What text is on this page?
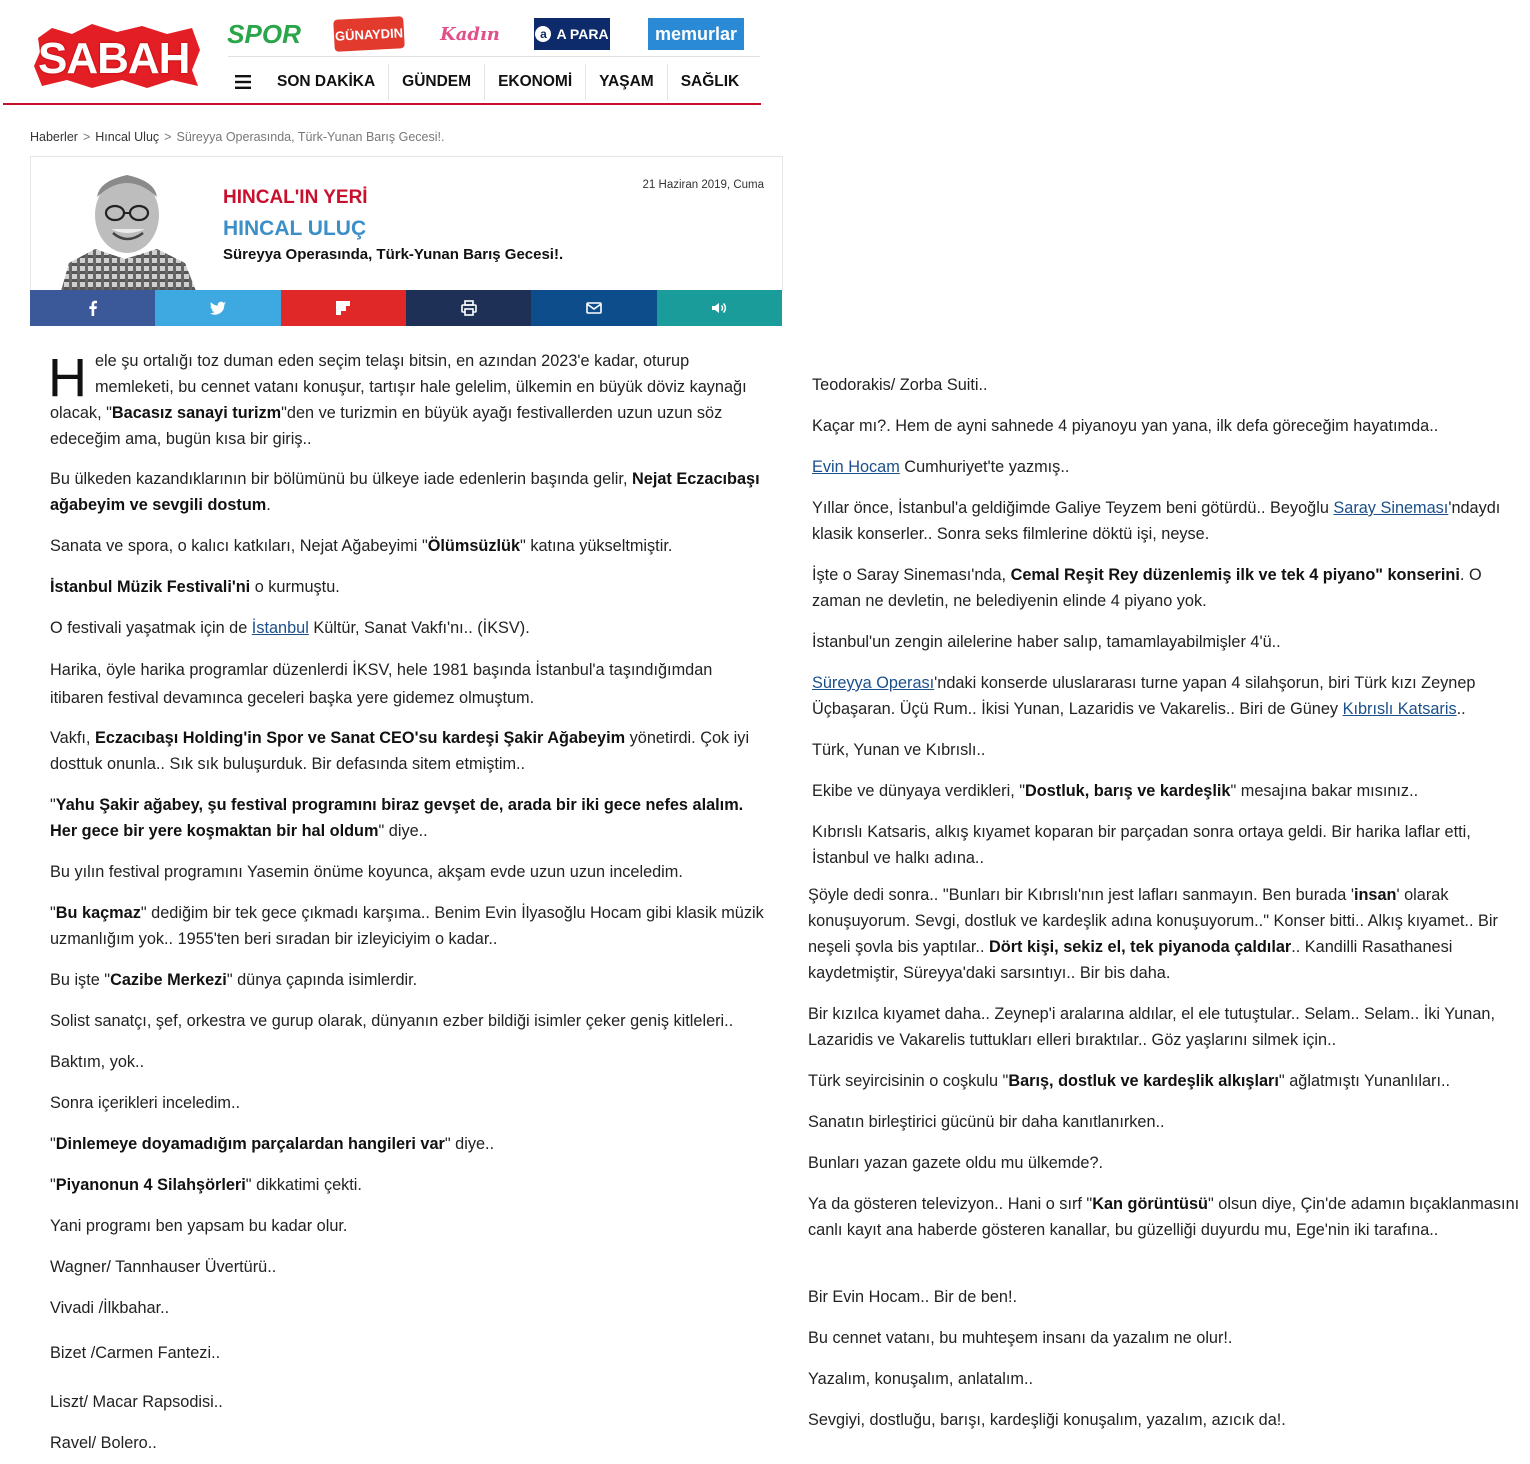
SABAH
SPOR	GÜNAYDIN Kadın	a A PARA	memurlar
SON DAKİKA	GÜNDEM	EKONOMİ	YAŞAM	SAĞLIK
Haberler > Hıncal Uluç > Süreyya Operasında, Türk-Yunan Barış Gecesi!.
HINCAL'IN YERİ
HINCAL ULUÇ
Süreyya Operasında, Türk-Yunan Barış Gecesi!.
21 Haziran 2019, Cuma

Hele şu ortalığı toz duman eden seçim telaşı bitsin, en azından 2023'e kadar, oturup memleketi, bu cennet vatanı konuşur, tartışır hale gelelim, ülkemin en büyük döviz kaynağı olacak, "Bacasız sanayi turizm"den ve turizmin en büyük ayağı festivallerden uzun uzun söz edeceğim ama, bugün kısa bir giriş..

Bu ülkeden kazandıklarının bir bölümünü bu ülkeye iade edenlerin başında gelir, Nejat Eczacıbaşı ağabeyim ve sevgili dostum.

Sanata ve spora, o kalıcı katkıları, Nejat Ağabeyimi "Ölümsüzlük" katına yükseltmiştir.

İstanbul Müzik Festivali'ni o kurmuştu.

O festivali yaşatmak için de İstanbul Kültür, Sanat Vakfı'nı.. (İKSV).

Harika, öyle harika programlar düzenlerdi İKSV, hele 1981 başında İstanbul'a taşındığımdan itibaren festival devamınca geceleri başka yere gidemez olmuştum.

Vakfı, Eczacıbaşı Holding'in Spor ve Sanat CEO'su kardeşi Şakir Ağabeyim yönetirdi. Çok iyi dosttuk onunla.. Sık sık buluşurduk. Bir defasında sitem etmiştim..

"Yahu Şakir ağabey, şu festival programını biraz gevşet de, arada bir iki gece nefes alalım. Her gece bir yere koşmaktan bir hal oldum" diye..

Bu yılın festival programını Yasemin önüme koyunca, akşam evde uzun uzun inceledim.

"Bu kaçmaz" dediğim bir tek gece çıkmadı karşıma.. Benim Evin İlyasoğlu Hocam gibi klasik müzik uzmanlığım yok.. 1955'ten beri sıradan bir izleyiciyim o kadar..

Bu işte "Cazibe Merkezi" dünya çapında isimlerdir.

Solist sanatçı, şef, orkestra ve gurup olarak, dünyanın ezber bildiği isimler çeker geniş kitleleri..

Baktım, yok..

Sonra içerikleri inceledim..

"Dinlemeye doyamadığım parçalardan hangileri var" diye..

"Piyanonun 4 Silahşörleri" dikkatimi çekti.

Yani programı ben yapsam bu kadar olur.

Wagner/ Tannhauser Üvertürü..

Vivadi /İlkbahar..

Bizet /Carmen Fantezi..

Liszt/ Macar Rapsodisi..

Ravel/ Bolero..

Teodorakis/ Zorba Suiti..

Kaçar mı?. Hem de ayni sahnede 4 piyanoyu yan yana, ilk defa göreceğim hayatımda..

Evin Hocam Cumhuriyet'te yazmış..

Yıllar önce, İstanbul'a geldiğimde Galiye Teyzem beni götürdü.. Beyoğlu Saray Sineması'ndaydı klasik konserler.. Sonra seks filmlerine döktü işi, neyse.

İşte o Saray Sineması'nda, Cemal Reşit Rey düzenlemiş ilk ve tek 4 piyano" konserini. O zaman ne devletin, ne belediyenin elinde 4 piyano yok.

İstanbul'un zengin ailelerine haber salıp, tamamlayabilmişler 4'ü..

Süreyya Operası'ndaki konserde uluslararası turne yapan 4 silahşorun, biri Türk kızı Zeynep Üçbaşaran. Üçü Rum.. İkisi Yunan, Lazaridis ve Vakarelis.. Biri de Güney Kıbrıslı Katsaris..

Türk, Yunan ve Kıbrıslı..

Ekibe ve dünyaya verdikleri, "Dostluk, barış ve kardeşlik" mesajına bakar mısınız..

Kıbrıslı Katsaris, alkış kıyamet koparan bir parçadan sonra ortaya geldi. Bir harika laflar etti, İstanbul ve halkı adına..

Şöyle dedi sonra.. "Bunları bir Kıbrıslı'nın jest lafları sanmayın. Ben burada 'insan' olarak konuşuyorum. Sevgi, dostluk ve kardeşlik adına konuşuyorum.." Konser bitti.. Alkış kıyamet.. Bir neşeli şovla bis yaptılar.. Dört kişi, sekiz el, tek piyanoda çaldılar.. Kandilli Rasathanesi kaydetmiştir, Süreyya'daki sarsıntıyı.. Bir bis daha.

Bir kızılca kıyamet daha.. Zeynep'i aralarına aldılar, el ele tutuştular.. Selam.. Selam.. İki Yunan, Lazaridis ve Vakarelis tuttukları elleri bıraktılar.. Göz yaşlarını silmek için..

Türk seyircisinin o coşkulu "Barış, dostluk ve kardeşlik alkışları" ağlatmıştı Yunanlıları..

Sanatın birleştirici gücünü bir daha kanıtlanırken..

Bunları yazan gazete oldu mu ülkemde?.

Ya da gösteren televizyon.. Hani o sırf "Kan görüntüsü" olsun diye, Çin'de adamın bıçaklanmasını canlı kayıt ana haberde gösteren kanallar, bu güzelliği duyurdu mu, Ege'nin iki tarafına..

Bir Evin Hocam.. Bir de ben!.

Bu cennet vatanı, bu muhteşem insanı da yazalım ne olur!.

Yazalım, konuşalım, anlatalım..

Sevgiyi, dostluğu, barışı, kardeşliği konuşalım, yazalım, azıcık da!.
